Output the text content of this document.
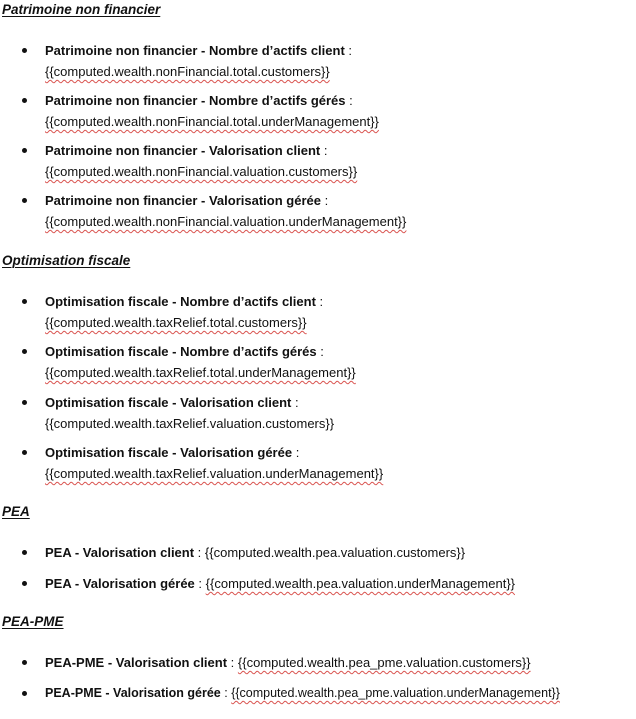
Patrimoine non financier
Patrimoine non financier - Nombre d’actifs client :
{{computed.wealth.nonFinancial.total.customers}}
Patrimoine non financier - Nombre d’actifs gérés :
{{computed.wealth.nonFinancial.total.underManagement}}
Patrimoine non financier - Valorisation client :
{{computed.wealth.nonFinancial.valuation.customers}}
Patrimoine non financier - Valorisation gérée :
{{computed.wealth.nonFinancial.valuation.underManagement}}
Optimisation fiscale
Optimisation fiscale - Nombre d’actifs client :
{{computed.wealth.taxRelief.total.customers}}
Optimisation fiscale - Nombre d’actifs gérés :
{{computed.wealth.taxRelief.total.underManagement}}
Optimisation fiscale - Valorisation client :
{{computed.wealth.taxRelief.valuation.customers}}
Optimisation fiscale - Valorisation gérée :
{{computed.wealth.taxRelief.valuation.underManagement}}
PEA
PEA - Valorisation client : {{computed.wealth.pea.valuation.customers}}
PEA - Valorisation gérée : {{computed.wealth.pea.valuation.underManagement}}
PEA-PME
PEA-PME - Valorisation client : {{computed.wealth.pea_pme.valuation.customers}}
PEA-PME - Valorisation gérée : {{computed.wealth.pea_pme.valuation.underManagement}}
